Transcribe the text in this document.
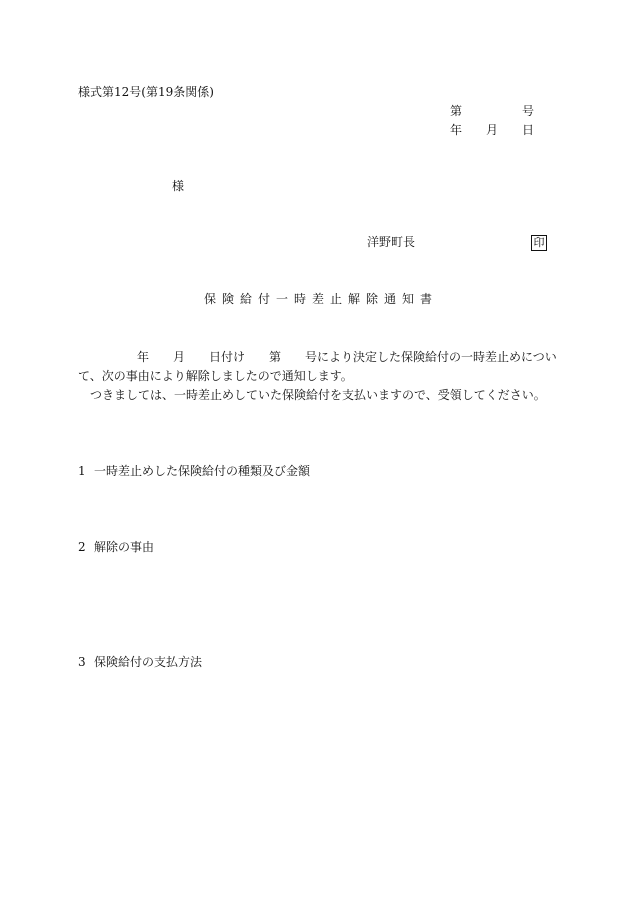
様式第12号(第19条関係)
第	号
年 月 日
様
洋野町長	印
保険給付一時差止解除通知書
年 月 日付け 第 号により決定した保険給付の一時差止めについ
て、次の事由により解除しましたので通知します。
つきましては、一時差止めしていた保険給付を支払いますので、受領してください。
1 一時差止めした保険給付の種類及び金額
2 解除の事由
3 保険給付の支払方法
